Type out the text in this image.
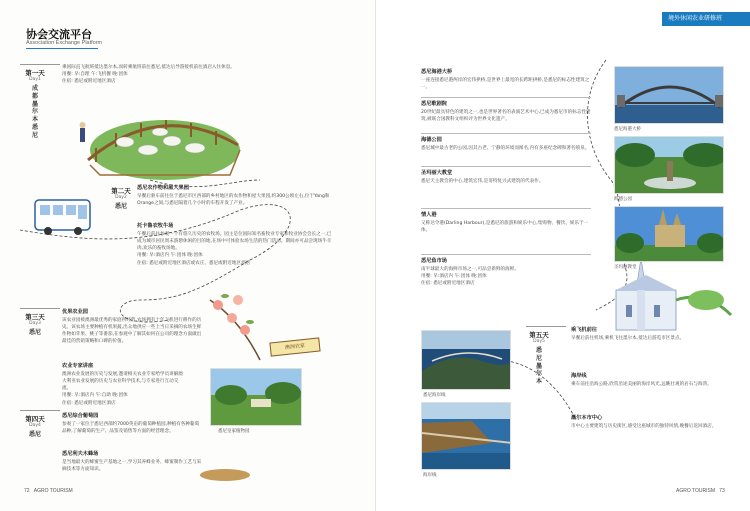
协会交流平台
Association Exchange Platform
第一天
Day1
成都 墨尔本 悉尼
乘国际直飞航班抵达墨尔本,而转乘航班前往悉尼,抵达后导游接机前往酒店入住休息。
用餐: 早:自理 午:飞机餐 晚:团体
住宿: 悉尼或附近地区酒店
第二天
Day2
悉尼
悉尼农作物和屋大果园
早餐后驱车前往位于悉尼市区西部的乡村地区的农作物和屋大果园,约300公顷左右,位于Yang和Orange之间,与悉尼隔着几个小时的车程开发了产业。
托卡鲁农牧牛场
午餐后前往参观一个有悠久历史的农牧场。园主是位国际知名畜牧业专家和牧业协会会长之一,已成为城市居民周末游憩休闲的目的地,在场中可体验农场生活的热门活动。期间亦可品尝现场牛羊肉,欢乐的畜牧场地。
用餐: 早:酒店内 午:团体 晚:团体
住宿: 悉尼或附近地区酒店或农庄、悉尼或附近地区酒店
第三天
Day3
悉尼
优果农业园
该农业园被澳洲最优秀的家庭所经营,农场拥有十年飞机进行耕作的历史。该农场主要种植有机果蔬,出众地供应一些上当日采摘的农场生鲜作物如苹果、桃子等番茄,在参观中了解其如何在公司的理念方面做出最佳的营销策略和口碑的价值。
农业专家讲座
澳洲农业发展的历史与发展,邀请相关农业专家给学员讲解澳大利亚农业发展的历史与农业科学技术,与专家进行互动交流。
用餐: 早:酒店内 午:自助 晚:团体
住宿: 悉尼或附近地区酒店
澳洲农家
悉尼皇家植物园
第四天
Day4
悉尼
悉尼综合葡萄园
参观了一家位于悉尼西部约7000英亩的葡萄种植园,种植有各种葡萄品种,了解葡萄的生产、品鉴及销售等方面的经营理念。
悉尼利夫木蜂场
是当地最大的蜂蜜生产基地之一,学习其养蜂业务、蜂蜜制作工艺与采摘技术等方面知识。
72 AGRO TOURISM
悉尼海港大桥
一座连接悉尼港两岸的宏伟拱桥,是世界上最宽的长跨距拱桥,是悉尼的标志性建筑之一。
悉尼歌剧院
20世纪最具特色的建筑之一,也是世界著名的表演艺术中心,已成为悉尼市的标志性建筑,被联合国教科文组织评为世界文化遗产。
海德公园
悉尼城中最古老的公园,因其古老、宁静的环境而闻名,内有多座纪念碑和著名喷泉。
圣玛丽大教堂
悉尼天主教会的中心,建筑宏伟,是哥特复兴式建筑的代表作。
情人港
又称达令港(Darling Harbour),是悉尼的旅游和娱乐中心,集购物、餐饮、娱乐于一体。
悉尼鱼市场
南半球最大的海鲜市场之一,可品尝新鲜的海鲜。
用餐: 早:酒店内 午:团体 晚:团体
住宿: 悉尼或附近地区酒店
悉尼海港大桥
海德公园
圣玛丽教堂
悉尼海岸线
海岸线
第五天
Day5
悉尼 墨尔本
乘飞机前往
早餐后前往机场,乘机飞往墨尔本,抵达后游览市区景点。
海岸线
乘车前往沿海公路,欣赏沿途美丽的海岸风光,远眺壮观的岩石与海湾。
墨尔本市中心
市中心主要建筑与历史街区,感受这座城市的独特风情,晚餐后返回酒店。
AGRO TOURISM 73
境外休闲农业研修班
